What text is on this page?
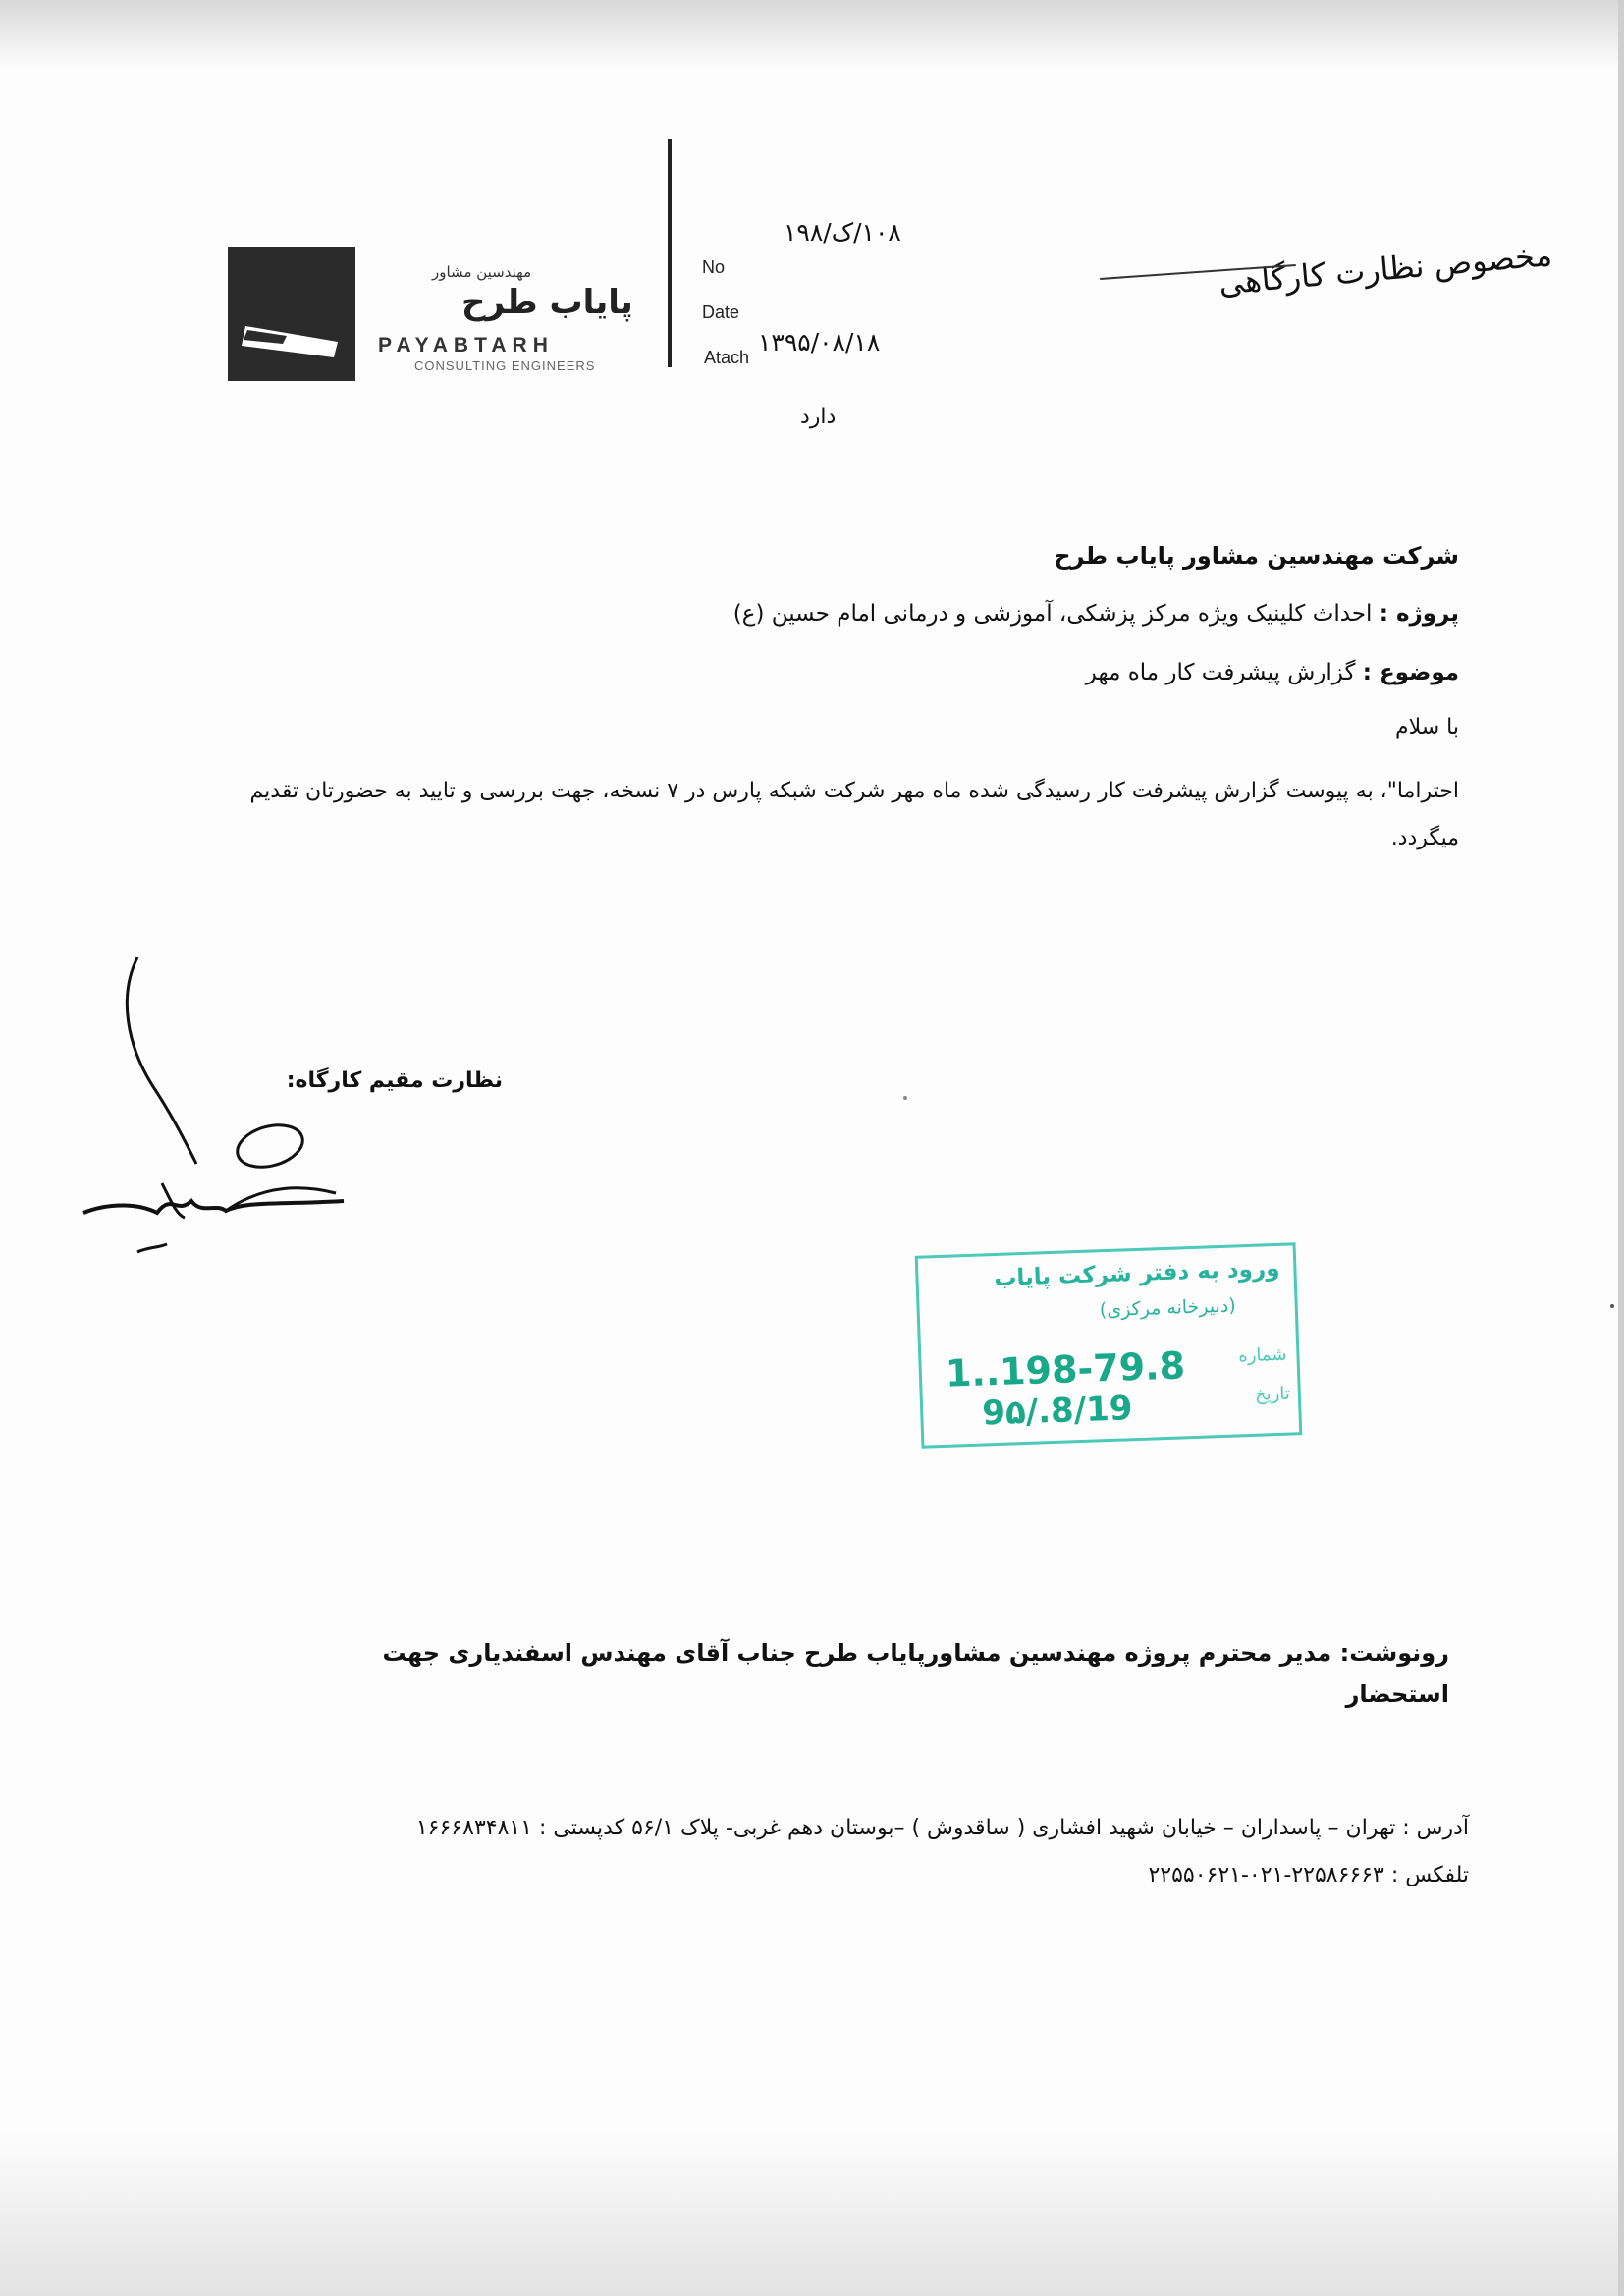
مهندسین مشاور
پایاب طرح
PAYABTARH
CONSULTING ENGINEERS
No
Date
Atach
۱۰۸/ک/۱۹۸
۱۳۹۵/۰۸/۱۸
دارد
مخصوص نظارت کارگاهی
شرکت مهندسین مشاور پایاب طرح
پروژه : احداث کلینیک ویژه مرکز پزشکی، آموزشی و درمانی امام حسین (ع)
موضوع : گزارش پیشرفت کار ماه مهر
با سلام
احتراما"، به پیوست گزارش پیشرفت کار رسیدگی شده ماه مهر شرکت شبکه پارس در ۷ نسخه، جهت بررسی و تایید به حضورتان تقدیم میگردد.
نظارت مقیم کارگاه:
ورود به دفتر شرکت پایاب
(دبیرخانه مرکزی)
شماره
تاریخ
1..198-79.8
9۵/.8/19
رونوشت: مدیر محترم پروژه مهندسین مشاورپایاب طرح جناب آقای مهندس اسفندیاری جهت استحضار
آدرس : تهران – پاسداران – خیابان شهید افشاری ( ساقدوش ) –بوستان دهم غربی- پلاک ۵۶/۱ کدپستی : ۱۶۶۶۸۳۴۸۱۱
تلفکس : ۲۲۵۸۶۶۶۳-۰۲۱-۲۲۵۵۰۶۲۱
